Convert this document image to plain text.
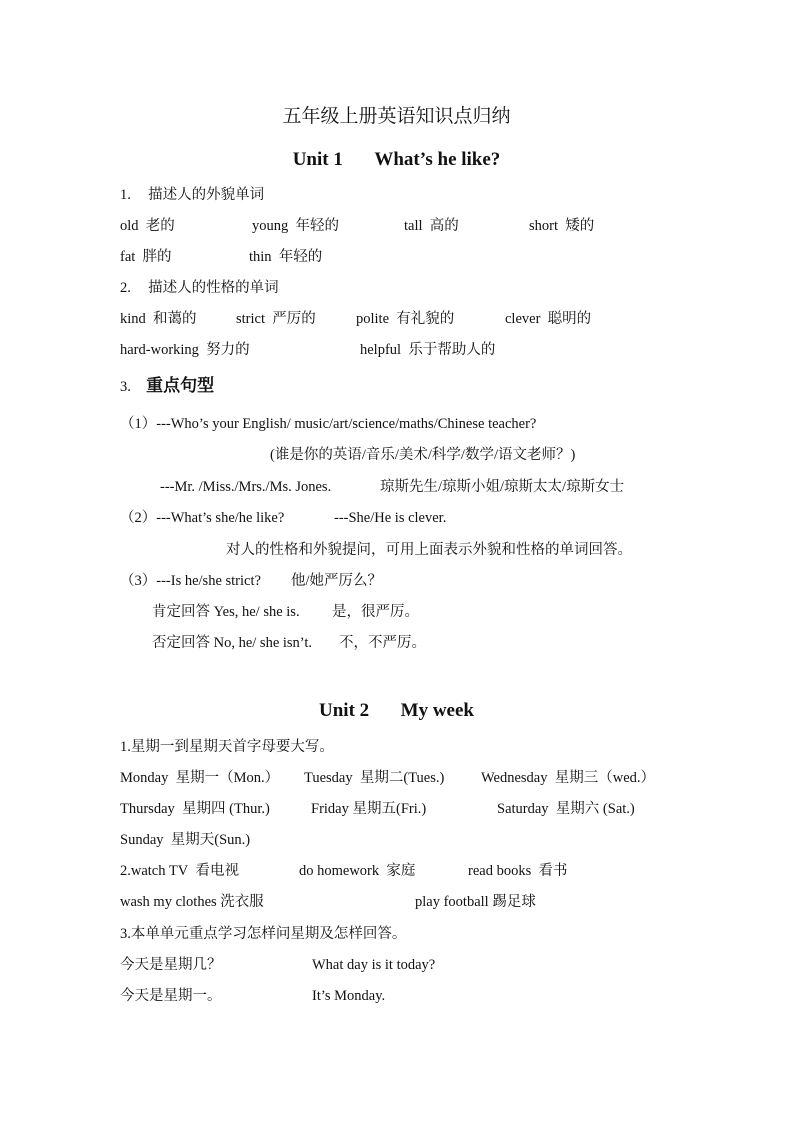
五年级上册英语知识点归纳
Unit 1 What’s he like?
1. 描述人的外貌单词
old 老的	young 年轻的	tall 高的	short 矮的
fat 胖的	thin 年轻的
2. 描述人的性格的单词
kind 和蔼的	strict 严厉的	polite 有礼貌的	clever 聪明的
hard-working 努力的	helpful 乐于帮助人的
3. 重点句型
（1）---Who’s your English/ music/art/science/maths/Chinese teacher?
(谁是你的英语/音乐/美术/科学/数学/语文老师？)
---Mr. /Miss./Mrs./Ms. Jones.	琼斯先生/琼斯小姐/琼斯太太/琼斯女士
（2）---What’s she/he like?	---She/He is clever.
对人的性格和外貌提问，可用上面表示外貌和性格的单词回答。
（3）---Is he/she strict? 他/她严厉么？
肯定回答 Yes, he/ she is. 是，很严厉。
否定回答 No, he/ she isn’t. 不，不严厉。
Unit 2 My week
1.星期一到星期天首字母要大写。
Monday 星期一（Mon.） Tuesday 星期二(Tues.)	Wednesday 星期三（wed.）
Thursday 星期四 (Thur.)	Friday 星期五(Fri.)	Saturday 星期六 (Sat.)
Sunday 星期天(Sun.)
2.watch TV 看电视	do homework 家庭	read books 看书
wash my clothes 洗衣服	play football 踢足球
3.本单单元重点学习怎样问星期及怎样回答。
今天是星期几？	What day is it today?
今天是星期一。	It’s Monday.
